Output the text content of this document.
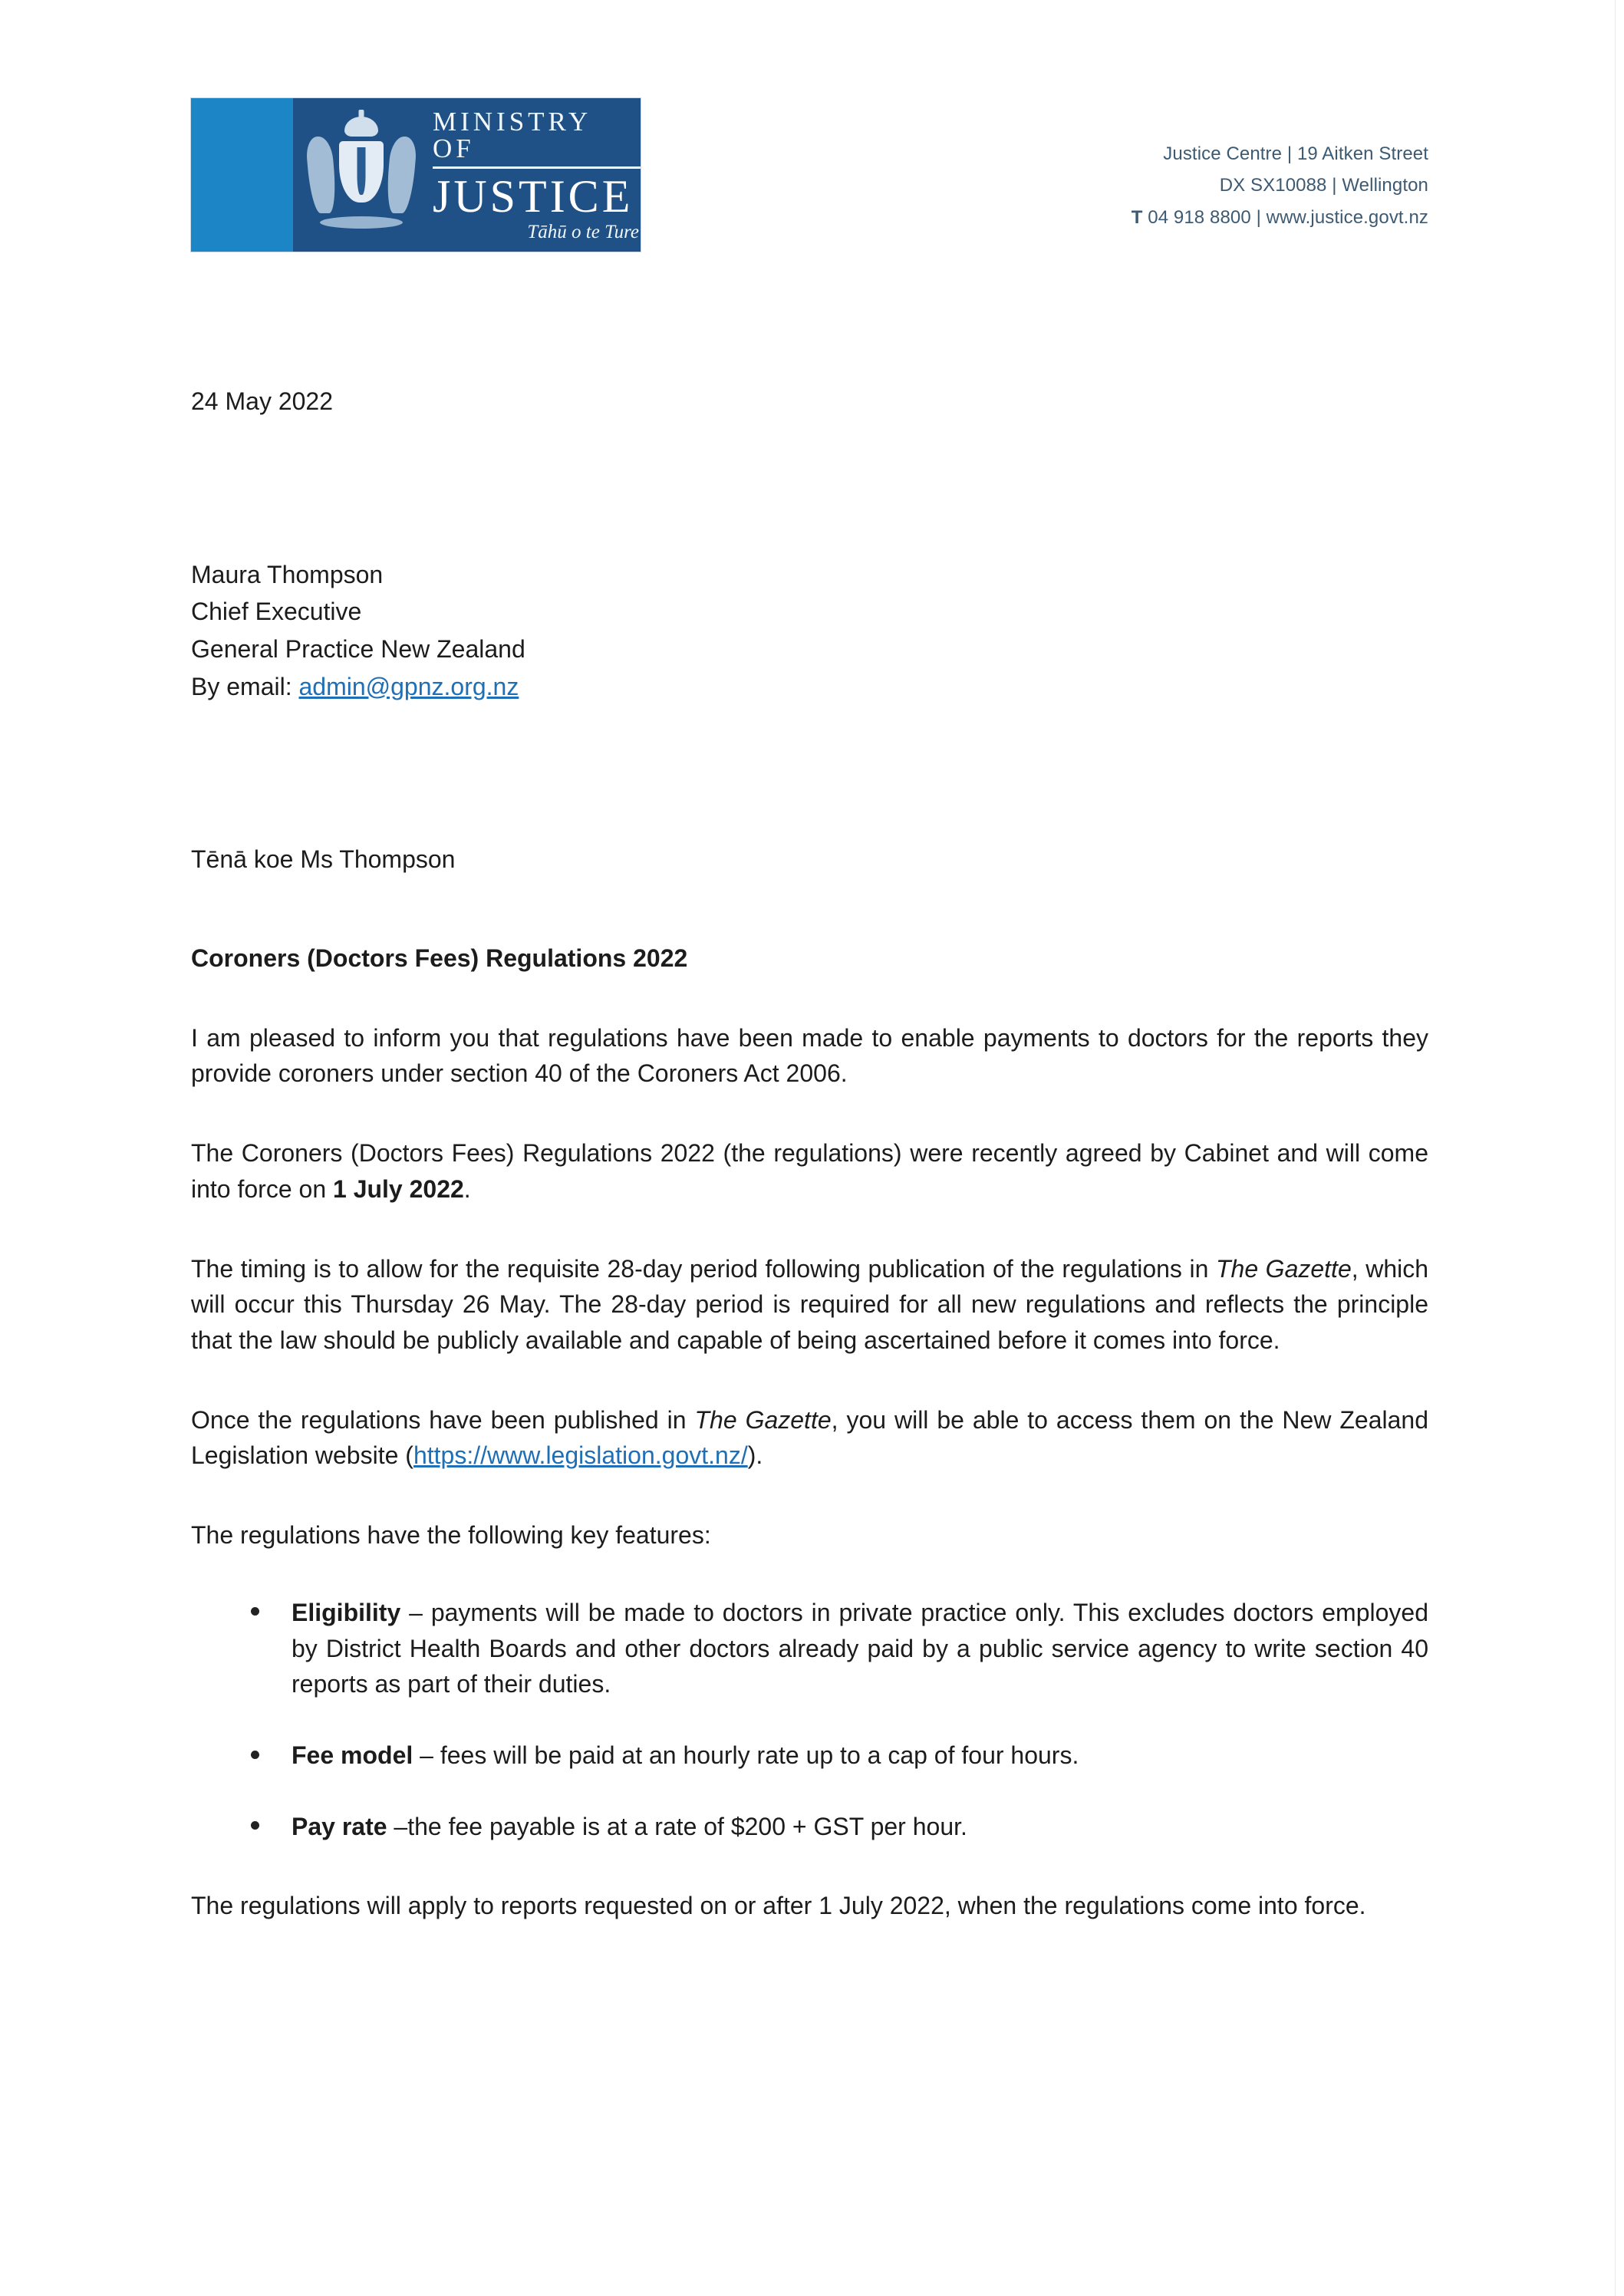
MINISTRY OF
JUSTICE
Tāhū o te Ture
Justice Centre | 19 Aitken Street
DX SX10088 | Wellington
T 04 918 8800 | www.justice.govt.nz
24 May 2022
Maura Thompson
Chief Executive
General Practice New Zealand
By email: admin@gpnz.org.nz
Tēnā koe Ms Thompson
Coroners (Doctors Fees) Regulations 2022

I am pleased to inform you that regulations have been made to enable payments to doctors for the reports they provide coroners under section 40 of the Coroners Act 2006.

The Coroners (Doctors Fees) Regulations 2022 (the regulations) were recently agreed by Cabinet and will come into force on 1 July 2022.

The timing is to allow for the requisite 28-day period following publication of the regulations in The Gazette, which will occur this Thursday 26 May. The 28-day period is required for all new regulations and reflects the principle that the law should be publicly available and capable of being ascertained before it comes into force.

Once the regulations have been published in The Gazette, you will be able to access them on the New Zealand Legislation website (https://www.legislation.govt.nz/).

The regulations have the following key features:

Eligibility – payments will be made to doctors in private practice only. This excludes doctors employed by District Health Boards and other doctors already paid by a public service agency to write section 40 reports as part of their duties.
Fee model – fees will be paid at an hourly rate up to a cap of four hours.
Pay rate –the fee payable is at a rate of $200 + GST per hour.

The regulations will apply to reports requested on or after 1 July 2022, when the regulations come into force.
